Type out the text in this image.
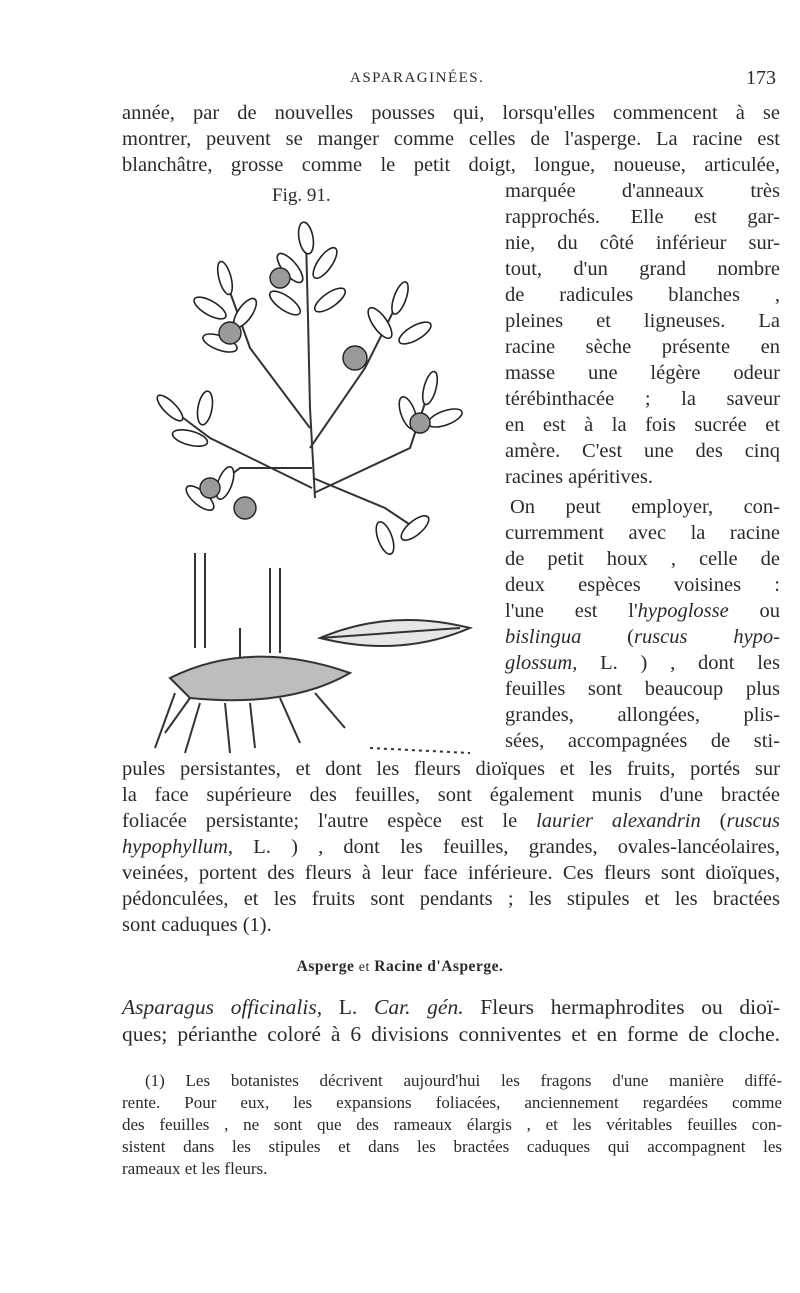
ASPARAGINÉES.	173
année, par de nouvelles pousses qui, lorsqu'elles commencent à se
montrer, peuvent se manger comme celles de l'asperge. La racine est
blanchâtre, grosse comme le petit doigt, longue, noueuse, articulée,
Fig. 91.	marquée d'anneaux très
rapprochés. Elle est gar-
nie, du côté inférieur sur-
tout, d'un grand nombre
de radicules blanches ,
pleines et ligneuses. La
racine sèche présente en
masse une légère odeur
térébinthacée ; la saveur
en est à la fois sucrée et
amère. C'est une des cinq
racines apéritives.
On peut employer, con-
curremment avec la racine
de petit houx , celle de
deux espèces voisines :
l'une est l'hypoglosse ou
bislingua (ruscus hypo-
glossum, L. ) , dont les
feuilles sont beaucoup plus
grandes, allongées, plis-
sées, accompagnées de sti-
pules persistantes, et dont les fleurs dioïques et les fruits, portés sur
la face supérieure des feuilles, sont également munis d'une bractée
foliacée persistante; l'autre espèce est le laurier alexandrin (ruscus
hypophyllum, L. ) , dont les feuilles, grandes, ovales-lancéolaires,
veinées, portent des fleurs à leur face inférieure. Ces fleurs sont dioïques,
pédonculées, et les fruits sont pendants ; les stipules et les bractées
sont caduques (1).
Asperge et Racine d'Asperge.
Asparagus officinalis, L. Car. gén. Fleurs hermaphrodites ou dioï-
ques; périanthe coloré à 6 divisions conniventes et en forme de cloche.
(1) Les botanistes décrivent aujourd'hui les fragons d'une manière diffé-
rente. Pour eux, les expansions foliacées, anciennement regardées comme
des feuilles , ne sont que des rameaux élargis , et les véritables feuilles con-
sistent dans les stipules et dans les bractées caduques qui accompagnent les
rameaux et les fleurs.
